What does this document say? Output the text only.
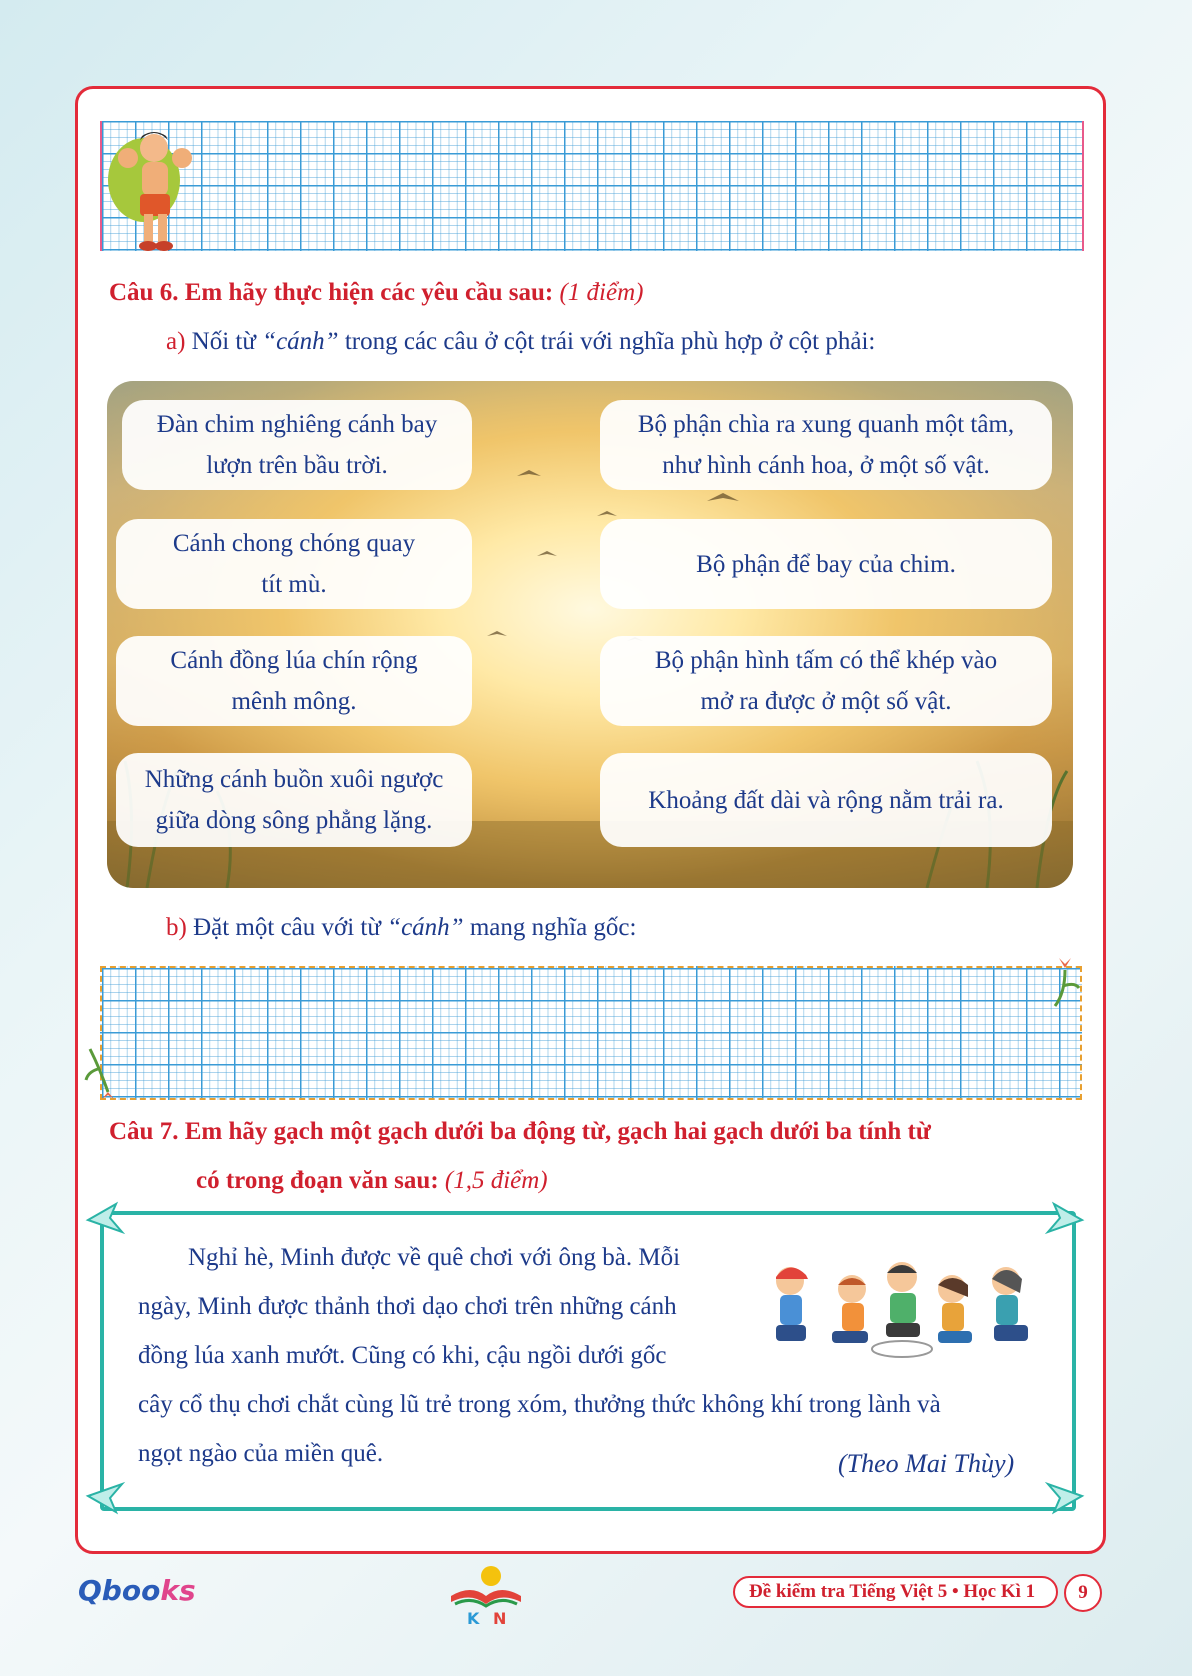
Câu 6. Em hãy thực hiện các yêu cầu sau: (1 điểm)
a) Nối từ “cánh” trong các câu ở cột trái với nghĩa phù hợp ở cột phải:
Đàn chim nghiêng cánh bay
lượn trên bầu trời.
Cánh chong chóng quay
tít mù.
Cánh đồng lúa chín rộng
mênh mông.
Những cánh buồn xuôi ngược
giữa dòng sông phẳng lặng.
Bộ phận chìa ra xung quanh một tâm,
như hình cánh hoa, ở một số vật.
Bộ phận để bay của chim.
Bộ phận hình tấm có thể khép vào
mở ra được ở một số vật.
Khoảng đất dài và rộng nằm trải ra.
b) Đặt một câu với từ “cánh” mang nghĩa gốc:
Câu 7. Em hãy gạch một gạch dưới ba động từ, gạch hai gạch dưới ba tính từ
có trong đoạn văn sau: (1,5 điểm)
Nghỉ hè, Minh được về quê chơi với ông bà. Mỗi
ngày, Minh được thảnh thơi dạo chơi trên những cánh
đồng lúa xanh mướt. Cũng có khi, cậu ngồi dưới gốc
cây cổ thụ chơi chắt cùng lũ trẻ trong xóm, thưởng thức không khí trong lành và
ngọt ngào của miền quê.	(Theo Mai Thùy)
Qbooks
K N
Đề kiểm tra Tiếng Việt 5 • Học Kì 1	9
